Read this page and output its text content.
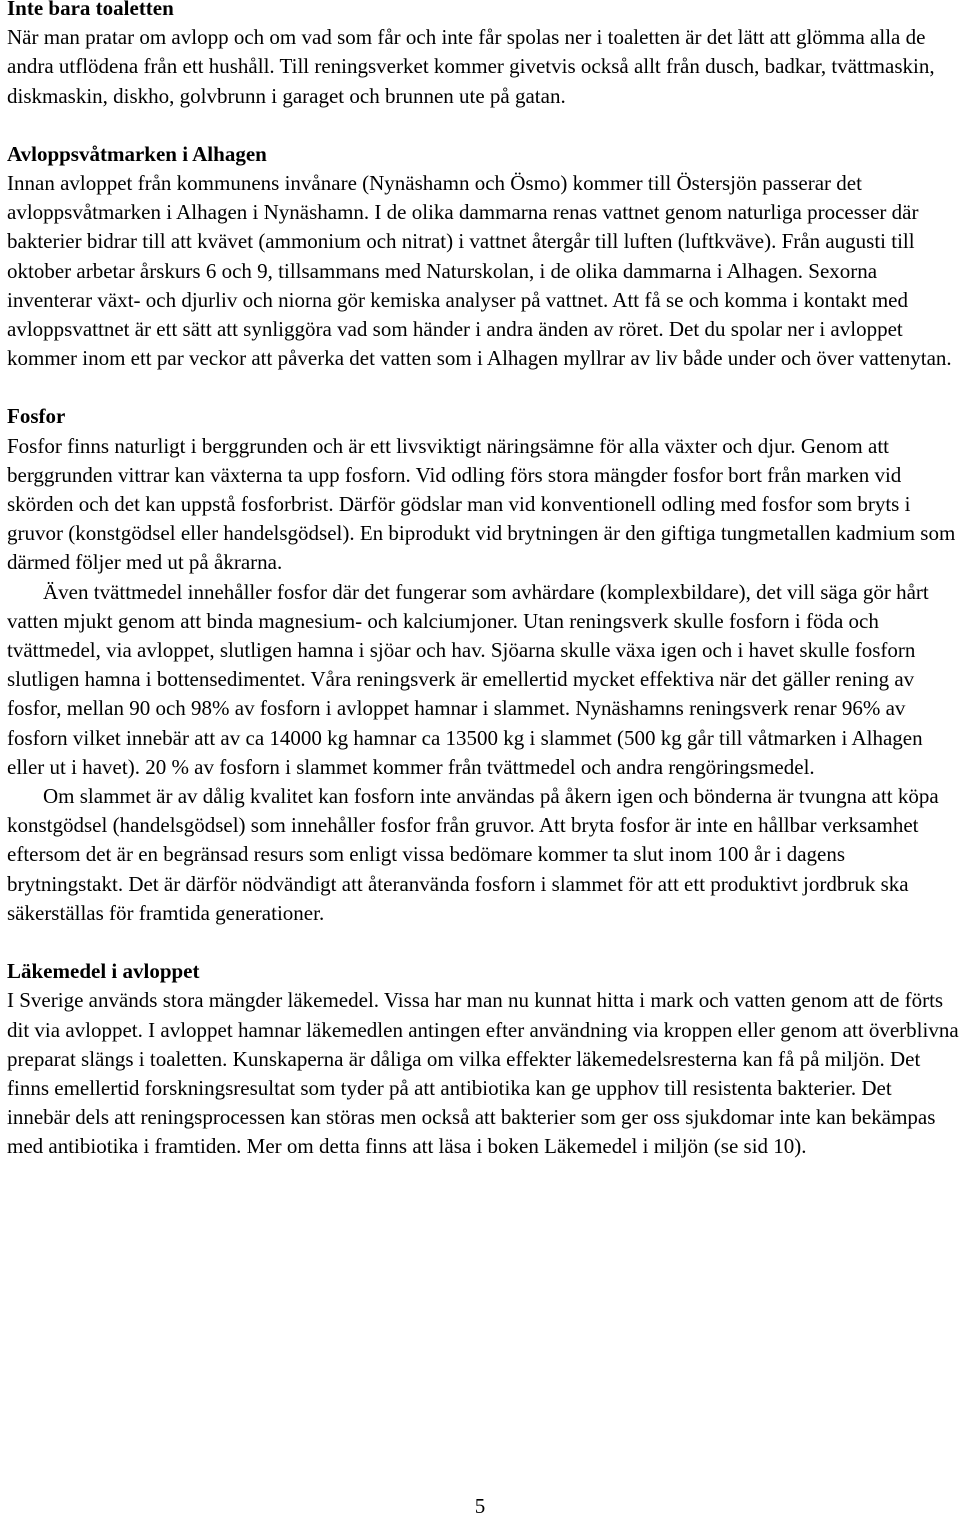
Inte bara toaletten

När man pratar om avlopp och om vad som får och inte får spolas ner i toaletten är det lätt att glömma alla de andra utflödena från ett hushåll. Till reningsverket kommer givetvis också allt från dusch, badkar, tvättmaskin, diskmaskin, diskho, golvbrunn i garaget och brunnen ute på gatan.

Avloppsvåtmarken i Alhagen

Innan avloppet från kommunens invånare (Nynäshamn och Ösmo) kommer till Östersjön passerar det avloppsvåtmarken i Alhagen i Nynäshamn. I de olika dammarna renas vattnet genom naturliga processer där bakterier bidrar till att kvävet (ammonium och nitrat) i vattnet återgår till luften (luftkväve). Från augusti till oktober arbetar årskurs 6 och 9, tillsammans med Naturskolan, i de olika dammarna i Alhagen. Sexorna inventerar växt- och djurliv och niorna gör kemiska analyser på vattnet. Att få se och komma i kontakt med avloppsvattnet är ett sätt att synliggöra vad som händer i andra änden av röret. Det du spolar ner i avloppet kommer inom ett par veckor att påverka det vatten som i Alhagen myllrar av liv både under och över vattenytan.

Fosfor

Fosfor finns naturligt i berggrunden och är ett livsviktigt näringsämne för alla växter och djur. Genom att berggrunden vittrar kan växterna ta upp fosforn. Vid odling förs stora mängder fosfor bort från marken vid skörden och det kan uppstå fosforbrist. Därför gödslar man vid konventionell odling med fosfor som bryts i gruvor (konstgödsel eller handelsgödsel). En biprodukt vid brytningen är den giftiga tungmetallen kadmium som därmed följer med ut på åkrarna.

Även tvättmedel innehåller fosfor där det fungerar som avhärdare (komplexbildare), det vill säga gör hårt vatten mjukt genom att binda magnesium- och kalciumjoner. Utan reningsverk skulle fosforn i föda och tvättmedel, via avloppet, slutligen hamna i sjöar och hav. Sjöarna skulle växa igen och i havet skulle fosforn slutligen hamna i bottensedimentet. Våra reningsverk är emellertid mycket effektiva när det gäller rening av fosfor, mellan 90 och 98% av fosforn i avloppet hamnar i slammet. Nynäshamns reningsverk renar 96% av fosforn vilket innebär att av ca 14000 kg hamnar ca 13500 kg i slammet (500 kg går till våtmarken i Alhagen eller ut i havet). 20 % av fosforn i slammet kommer från tvättmedel och andra rengöringsmedel.

Om slammet är av dålig kvalitet kan fosforn inte användas på åkern igen och bönderna är tvungna att köpa konstgödsel (handelsgödsel) som innehåller fosfor från gruvor. Att bryta fosfor är inte en hållbar verksamhet eftersom det är en begränsad resurs som enligt vissa bedömare kommer ta slut inom 100 år i dagens brytningstakt. Det är därför nödvändigt att återanvända fosforn i slammet för att ett produktivt jordbruk ska säkerställas för framtida generationer.

Läkemedel i avloppet

I Sverige används stora mängder läkemedel. Vissa har man nu kunnat hitta i mark och vatten genom att de förts dit via avloppet. I avloppet hamnar läkemedlen antingen efter användning via kroppen eller genom att överblivna preparat slängs i toaletten. Kunskaperna är dåliga om vilka effekter läkemedelsresterna kan få på miljön. Det finns emellertid forskningsresultat som tyder på att antibiotika kan ge upphov till resistenta bakterier. Det innebär dels att reningsprocessen kan störas men också att bakterier som ger oss sjukdomar inte kan bekämpas med antibiotika i framtiden. Mer om detta finns att läsa i boken Läkemedel i miljön (se sid 10).

5
